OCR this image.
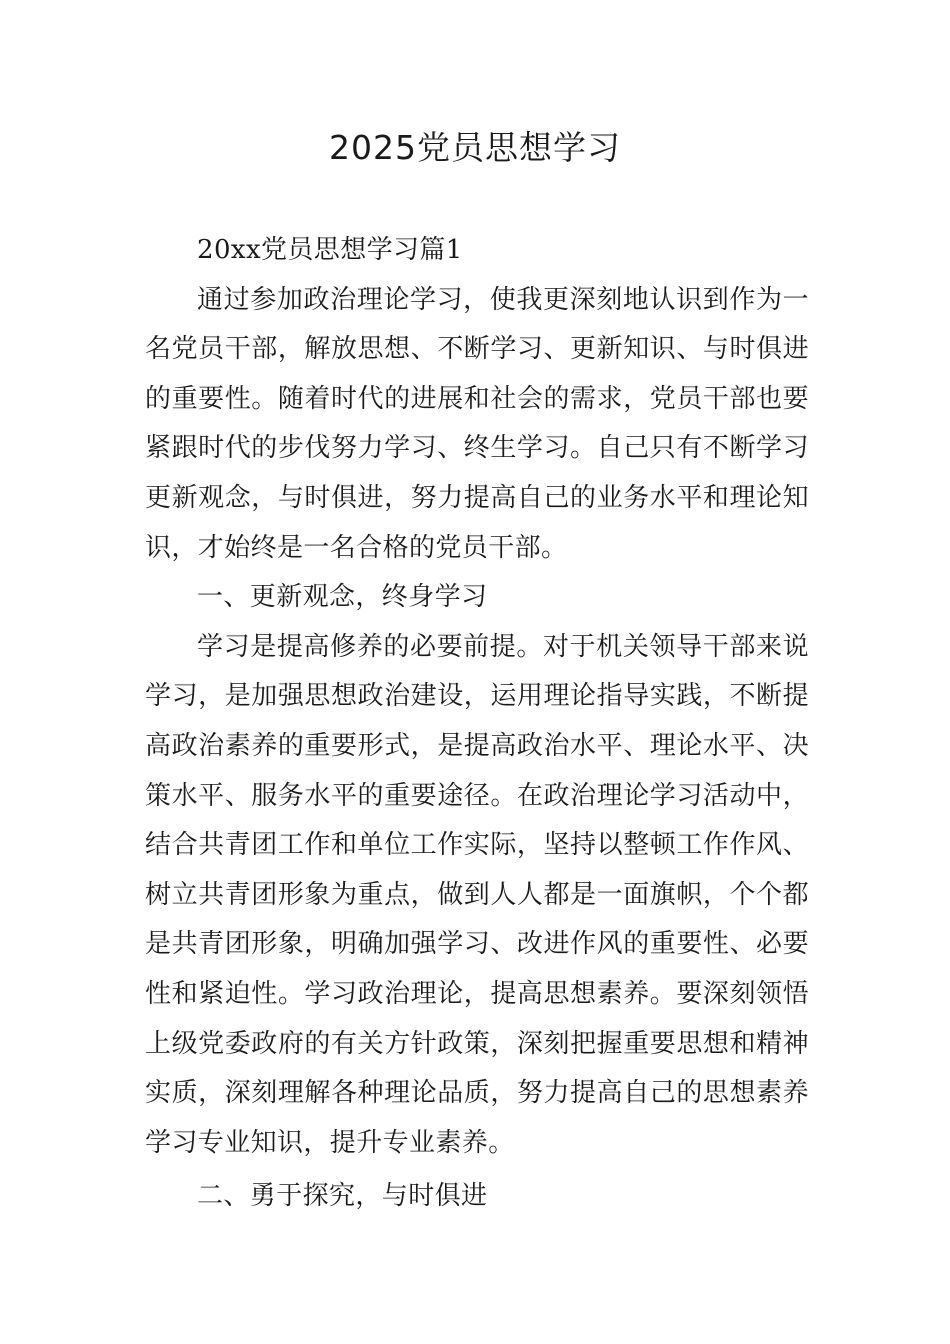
2025党员思想学习

20xx党员思想学习篇1

通过参加政治理论学习，使我更深刻地认识到作为一名党员干部，解放思想、不断学习、更新知识、与时俱进的重要性。随着时代的进展和社会的需求，党员干部也要紧跟时代的步伐努力学习、终生学习。自己只有不断学习更新观念，与时俱进，努力提高自己的业务水平和理论知识，才始终是一名合格的党员干部。

一、更新观念，终身学习

学习是提高修养的必要前提。对于机关领导干部来说学习，是加强思想政治建设，运用理论指导实践，不断提高政治素养的重要形式，是提高政治水平、理论水平、决策水平、服务水平的重要途径。在政治理论学习活动中，结合共青团工作和单位工作实际，坚持以整顿工作作风、树立共青团形象为重点，做到人人都是一面旗帜，个个都是共青团形象，明确加强学习、改进作风的重要性、必要性和紧迫性。学习政治理论，提高思想素养。要深刻领悟上级党委政府的有关方针政策，深刻把握重要思想和精神实质，深刻理解各种理论品质，努力提高自己的思想素养学习专业知识，提升专业素养。

二、勇于探究，与时俱进
